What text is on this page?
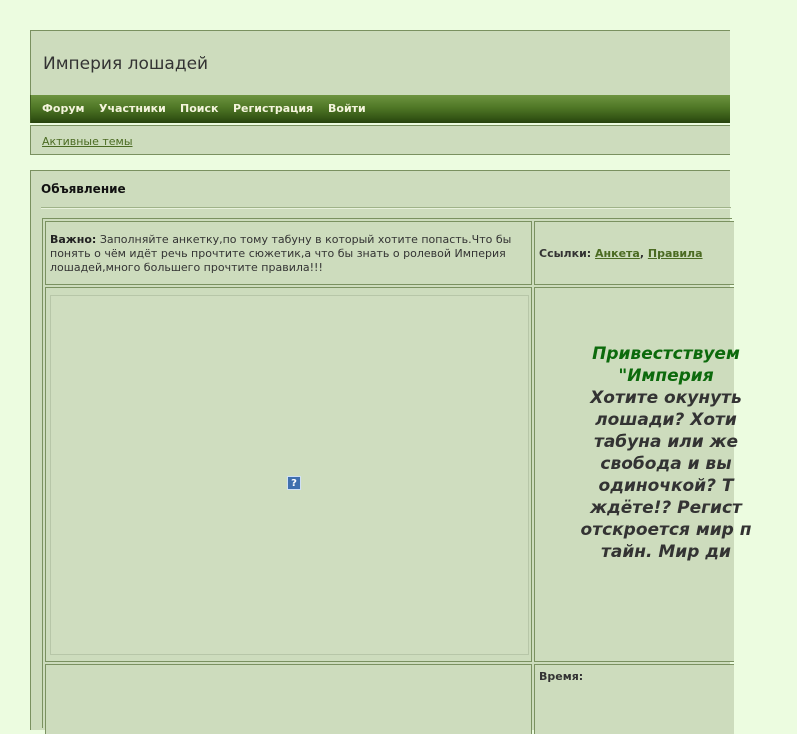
Империя лошадей
Форум Участники Поиск Регистрация Войти
Активные темы
Объявление
Важно: Заполняйте анкетку,по тому табуну в который хотите попасть.Что бы понять о чём идёт речь прочтите сюжетик,а что бы знать о ролевой Империя лошадей,много большего прочтите правила!!!
Ссылки: Анкета, Правила
?
Привестствуем
"Империя
Хотите окунуть
лошади? Хоти
табуна или же
свобода и вы
одиночкой? Т
ждёте!? Регист
отскроется мир п
тайн. Мир ди
Время:
